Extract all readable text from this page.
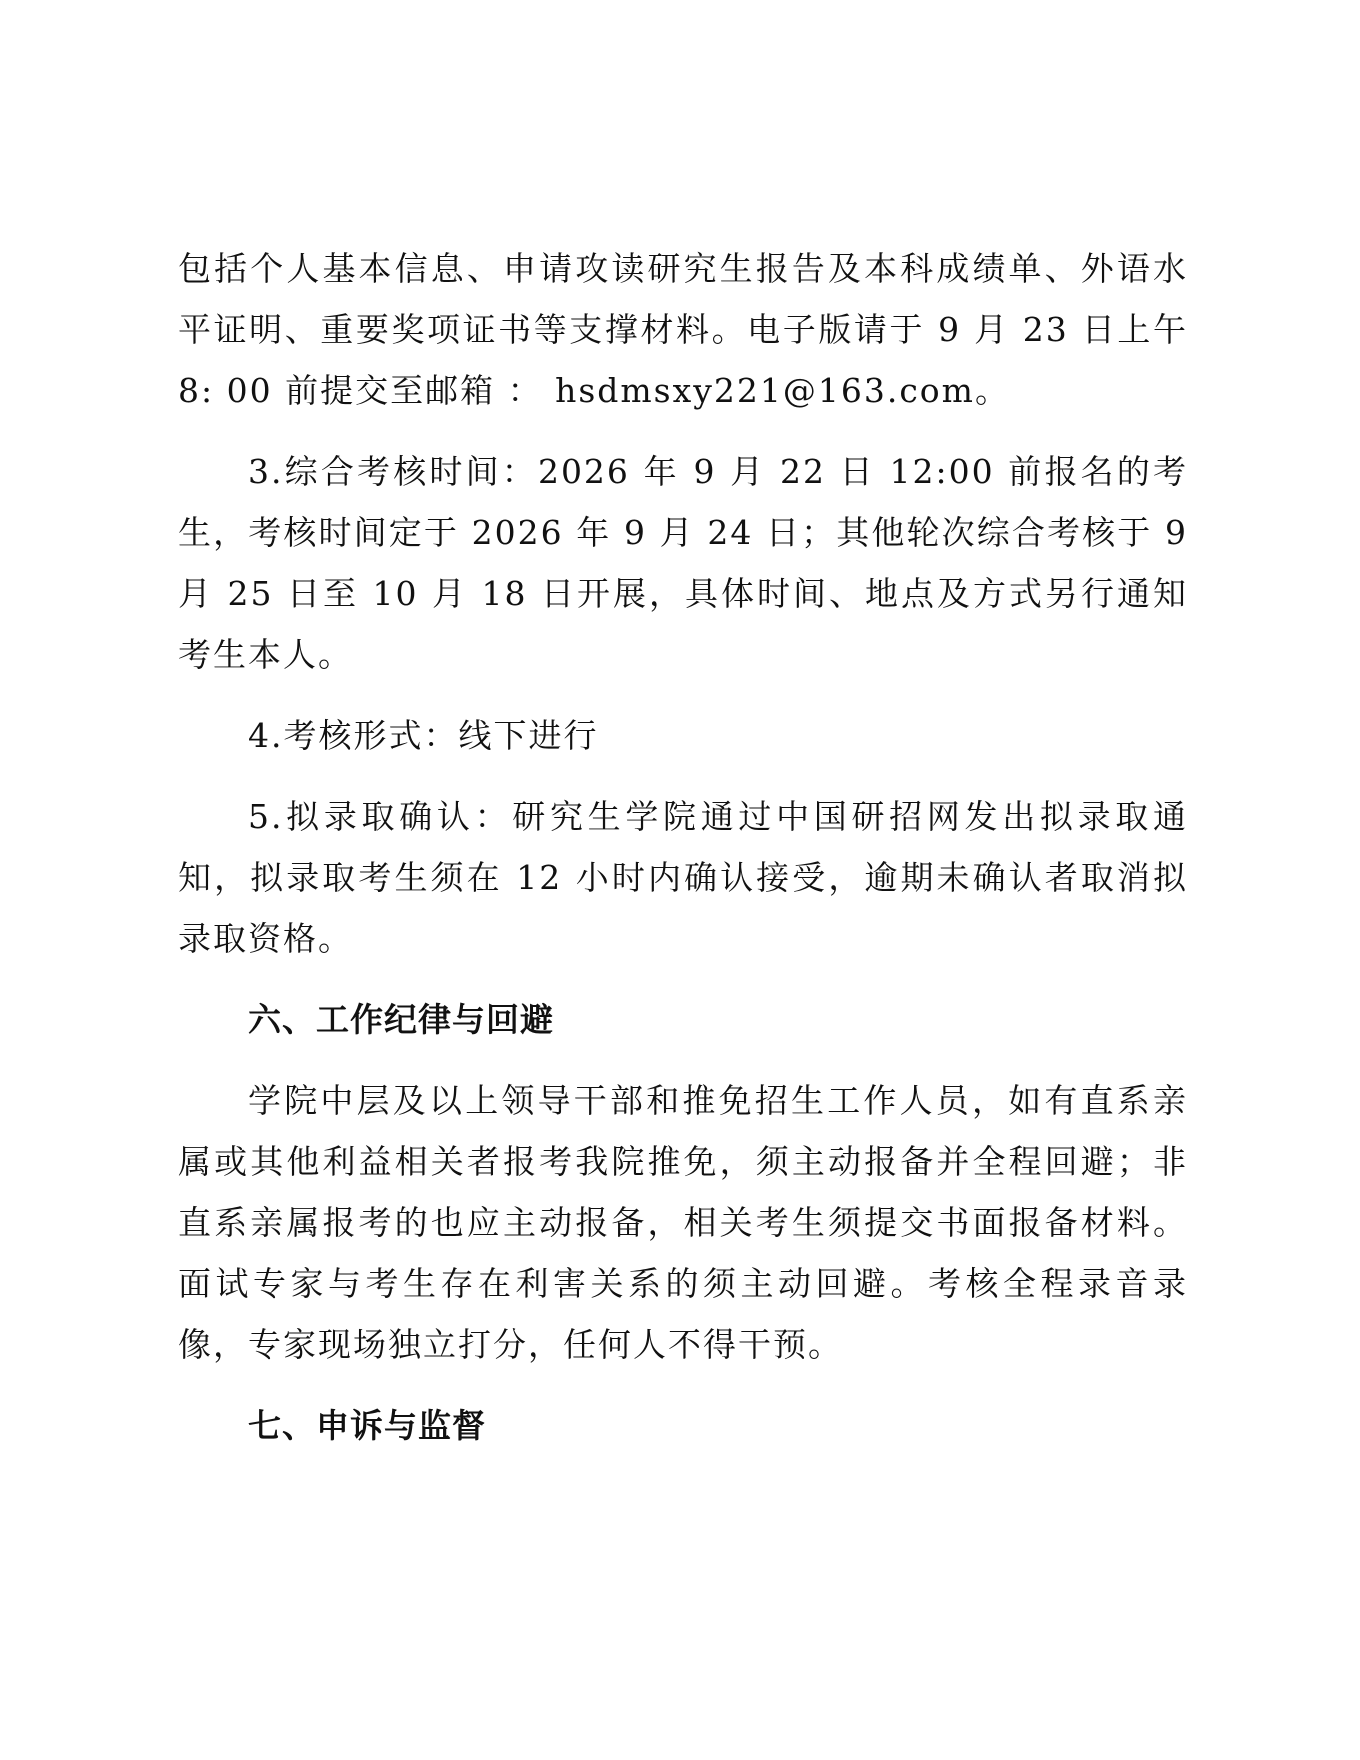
包括个人基本信息、申请攻读研究生报告及本科成绩单、外语水平证明、重要奖项证书等支撑材料。电子版请于 9 月 23 日上午 8: 00 前提交至邮箱 ： hsdmsxy221@163.com。

3.综合考核时间：2026 年 9 月 22 日 12:00 前报名的考生，考核时间定于 2026 年 9 月 24 日；其他轮次综合考核于 9 月 25 日至 10 月 18 日开展，具体时间、地点及方式另行通知考生本人。

4.考核形式：线下进行

5.拟录取确认：研究生学院通过中国研招网发出拟录取通知，拟录取考生须在 12 小时内确认接受，逾期未确认者取消拟录取资格。

六、工作纪律与回避

学院中层及以上领导干部和推免招生工作人员，如有直系亲属或其他利益相关者报考我院推免，须主动报备并全程回避；非直系亲属报考的也应主动报备，相关考生须提交书面报备材料。面试专家与考生存在利害关系的须主动回避。考核全程录音录像，专家现场独立打分，任何人不得干预。

七、申诉与监督
